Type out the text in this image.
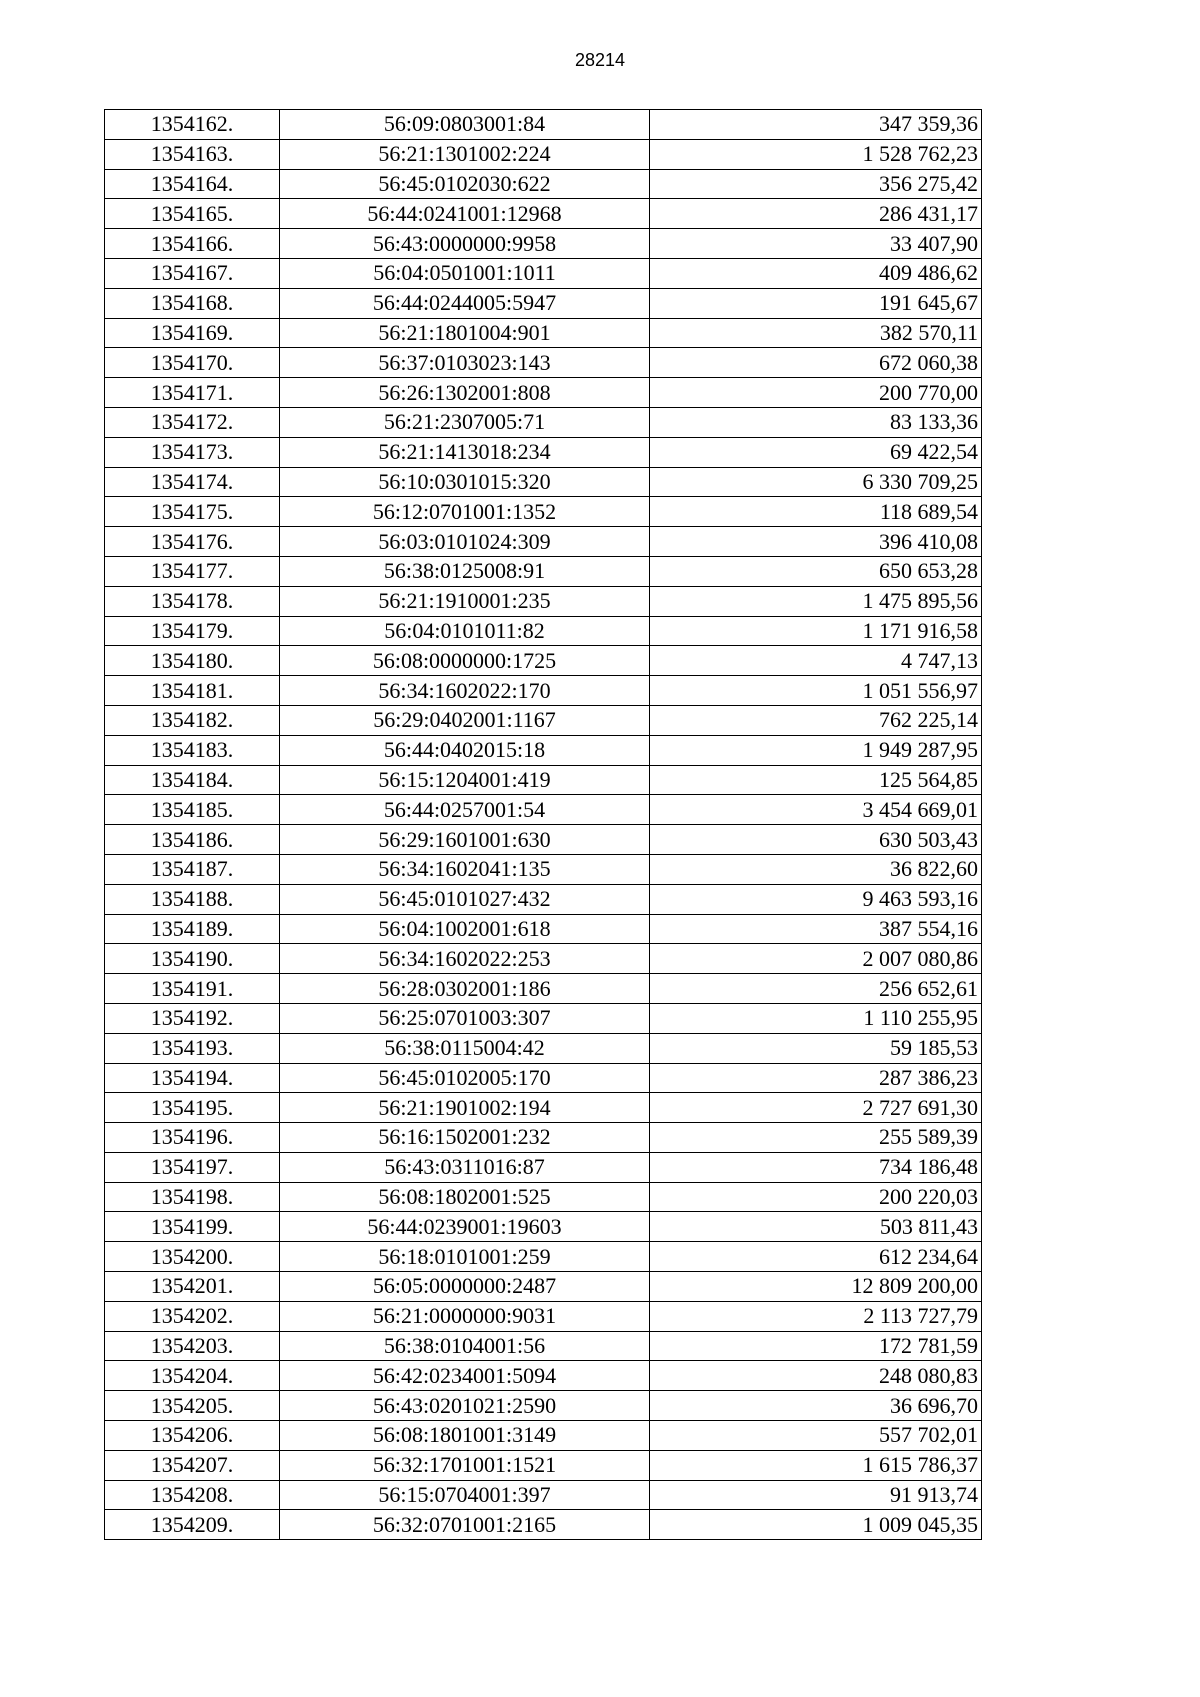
28214
1354162.	56:09:0803001:84	347 359,36
1354163.	56:21:1301002:224	1 528 762,23
1354164.	56:45:0102030:622	356 275,42
1354165.	56:44:0241001:12968	286 431,17
1354166.	56:43:0000000:9958	33 407,90
1354167.	56:04:0501001:1011	409 486,62
1354168.	56:44:0244005:5947	191 645,67
1354169.	56:21:1801004:901	382 570,11
1354170.	56:37:0103023:143	672 060,38
1354171.	56:26:1302001:808	200 770,00
1354172.	56:21:2307005:71	83 133,36
1354173.	56:21:1413018:234	69 422,54
1354174.	56:10:0301015:320	6 330 709,25
1354175.	56:12:0701001:1352	118 689,54
1354176.	56:03:0101024:309	396 410,08
1354177.	56:38:0125008:91	650 653,28
1354178.	56:21:1910001:235	1 475 895,56
1354179.	56:04:0101011:82	1 171 916,58
1354180.	56:08:0000000:1725	4 747,13
1354181.	56:34:1602022:170	1 051 556,97
1354182.	56:29:0402001:1167	762 225,14
1354183.	56:44:0402015:18	1 949 287,95
1354184.	56:15:1204001:419	125 564,85
1354185.	56:44:0257001:54	3 454 669,01
1354186.	56:29:1601001:630	630 503,43
1354187.	56:34:1602041:135	36 822,60
1354188.	56:45:0101027:432	9 463 593,16
1354189.	56:04:1002001:618	387 554,16
1354190.	56:34:1602022:253	2 007 080,86
1354191.	56:28:0302001:186	256 652,61
1354192.	56:25:0701003:307	1 110 255,95
1354193.	56:38:0115004:42	59 185,53
1354194.	56:45:0102005:170	287 386,23
1354195.	56:21:1901002:194	2 727 691,30
1354196.	56:16:1502001:232	255 589,39
1354197.	56:43:0311016:87	734 186,48
1354198.	56:08:1802001:525	200 220,03
1354199.	56:44:0239001:19603	503 811,43
1354200.	56:18:0101001:259	612 234,64
1354201.	56:05:0000000:2487	12 809 200,00
1354202.	56:21:0000000:9031	2 113 727,79
1354203.	56:38:0104001:56	172 781,59
1354204.	56:42:0234001:5094	248 080,83
1354205.	56:43:0201021:2590	36 696,70
1354206.	56:08:1801001:3149	557 702,01
1354207.	56:32:1701001:1521	1 615 786,37
1354208.	56:15:0704001:397	91 913,74
1354209.	56:32:0701001:2165	1 009 045,35
